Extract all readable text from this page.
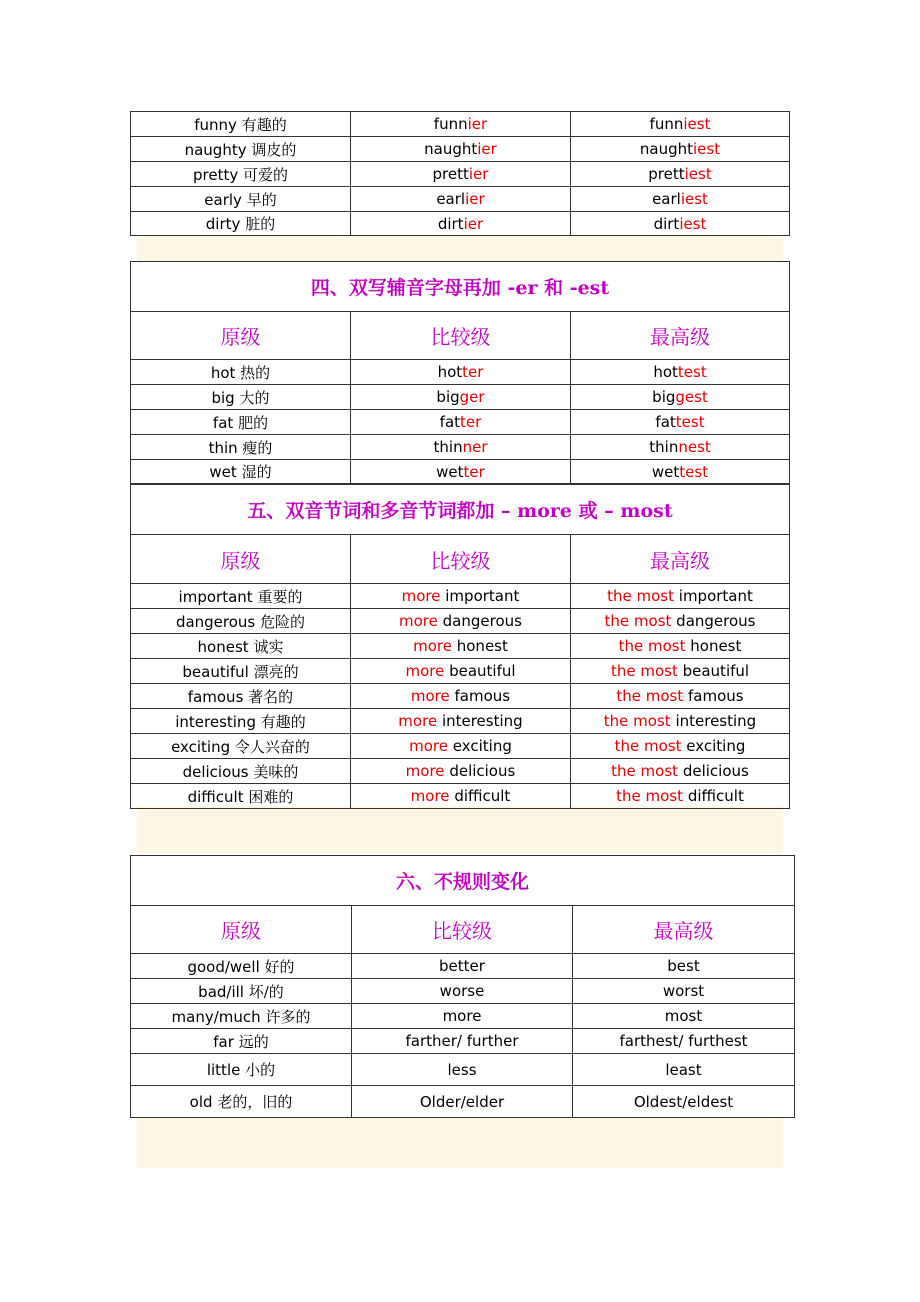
funny 有趣的	funnier	funniest
naughty 调皮的	naughtier	naughtiest
pretty 可爱的	prettier	prettiest
early 早的	earlier	earliest
dirty 脏的	dirtier	dirtiest
四、双写辅音字母再加 -er 和 -est		
原级	比较级	最高级
hot 热的	hotter	hottest
big 大的	bigger	biggest
fat 肥的	fatter	fattest
thin 瘦的	thinner	thinnest
wet 湿的	wetter	wettest
五、双音节词和多音节词都加 – more 或 – most		
原级	比较级	最高级
important 重要的	more important	the most important
dangerous 危险的	more dangerous	the most dangerous
honest 诚实	more honest	the most honest
beautiful 漂亮的	more beautiful	the most beautiful
famous 著名的	more famous	the most famous
interesting 有趣的	more interesting	the most interesting
exciting 令人兴奋的	more exciting	the most exciting
delicious 美味的	more delicious	the most delicious
difficult 困难的	more difficult	the most difficult
六、不规则变化		
原级	比较级	最高级
good/well 好的	better	best
bad/ill 坏/的	worse	worst
many/much 许多的	more	most
far 远的	farther/ further	farthest/ furthest
little 小的	less	least
old 老的，旧的	Older/elder	Oldest/eldest
